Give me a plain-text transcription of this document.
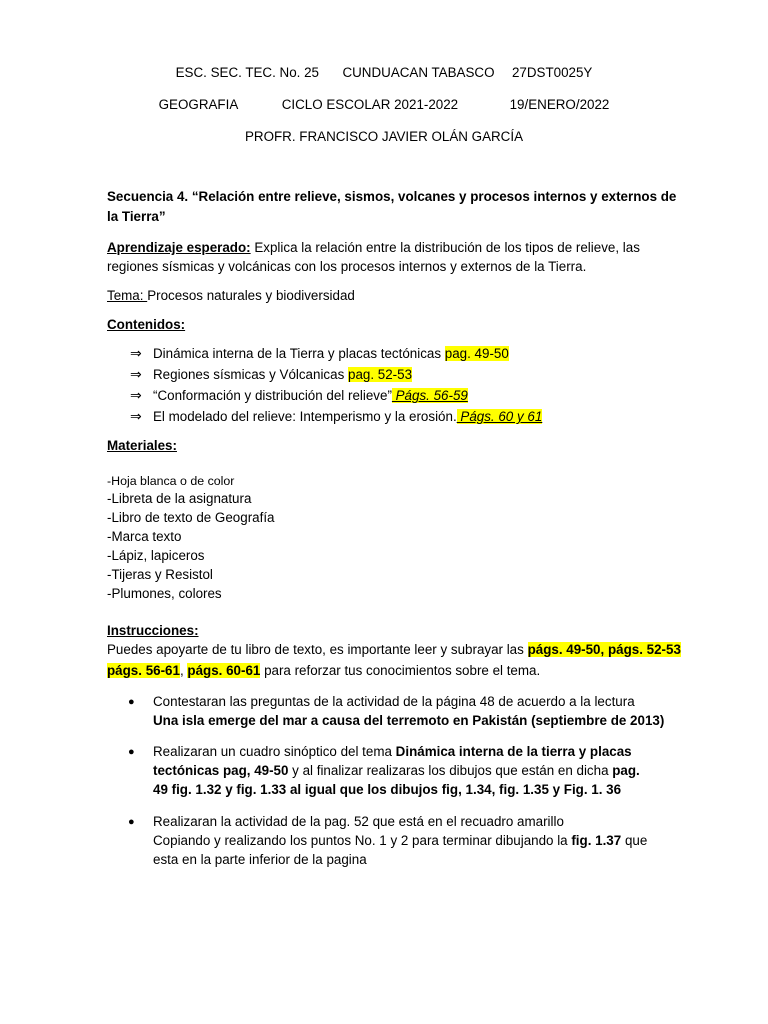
ESC. SEC. TEC. No. 25 CUNDUACAN TABASCO 27DST0025Y
GEOGRAFIA	CICLO ESCOLAR 2021-2022	19/ENERO/2022
PROFR. FRANCISCO JAVIER OLÁN GARCÍA
Secuencia 4. “Relación entre relieve, sismos, volcanes y procesos internos y externos de
la Tierra”
Aprendizaje esperado: Explica la relación entre la distribución de los tipos de relieve, las
regiones sísmicas y volcánicas con los procesos internos y externos de la Tierra.
Tema: Procesos naturales y biodiversidad
Contenidos:
⇒ Dinámica interna de la Tierra y placas tectónicas pag. 49-50
⇒ Regiones sísmicas y Vólcanicas pag. 52-53
⇒ “Conformación y distribución del relieve” Págs. 56-59
⇒ El modelado del relieve: Intemperismo y la erosión. Págs. 60 y 61
Materiales:
-Hoja blanca o de color
-Libreta de la asignatura
-Libro de texto de Geografía
-Marca texto
-Lápiz, lapiceros
-Tijeras y Resistol
-Plumones, colores
Instrucciones:
Puedes apoyarte de tu libro de texto, es importante leer y subrayar las págs. 49-50, págs. 52-53
págs. 56-61, págs. 60-61 para reforzar tus conocimientos sobre el tema.
● Contestaran las preguntas de la actividad de la página 48 de acuerdo a la lectura
Una isla emerge del mar a causa del terremoto en Pakistán (septiembre de 2013)
● Realizaran un cuadro sinóptico del tema Dinámica interna de la tierra y placas
tectónicas pag, 49-50 y al finalizar realizaras los dibujos que están en dicha pag.
49 fig. 1.32 y fig. 1.33 al igual que los dibujos fig, 1.34, fig. 1.35 y Fig. 1. 36
● Realizaran la actividad de la pag. 52 que está en el recuadro amarillo
Copiando y realizando los puntos No. 1 y 2 para terminar dibujando la fig. 1.37 que
esta en la parte inferior de la pagina
